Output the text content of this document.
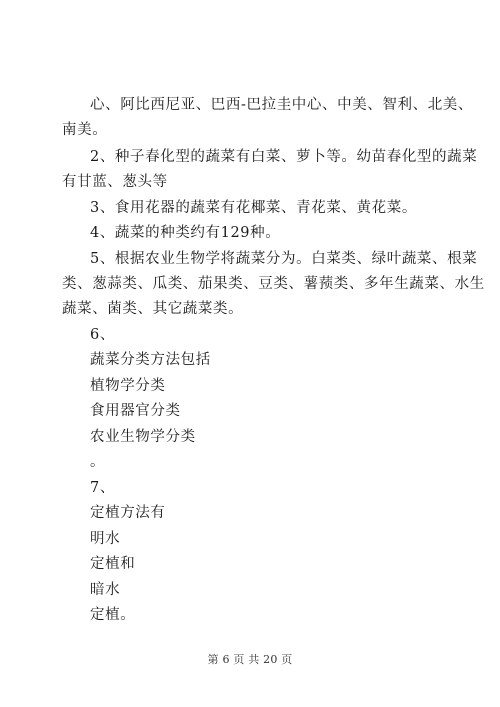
心、阿比西尼亚、巴西-巴拉圭中心、中美、智利、北美、
南美。
2、种子春化型的蔬菜有白菜、萝卜等。幼苗春化型的蔬菜
有甘蓝、葱头等
3、食用花器的蔬菜有花椰菜、青花菜、黄花菜。
4、蔬菜的种类约有129种。
5、根据农业生物学将蔬菜分为。白菜类、绿叶蔬菜、根菜
类、葱蒜类、瓜类、茄果类、豆类、薯蓣类、多年生蔬菜、水生
蔬菜、菌类、其它蔬菜类。
6、
蔬菜分类方法包括
植物学分类
食用器官分类
农业生物学分类
。
7、
定植方法有
明水
定植和
暗水
定植。
第 6 页 共 20 页
